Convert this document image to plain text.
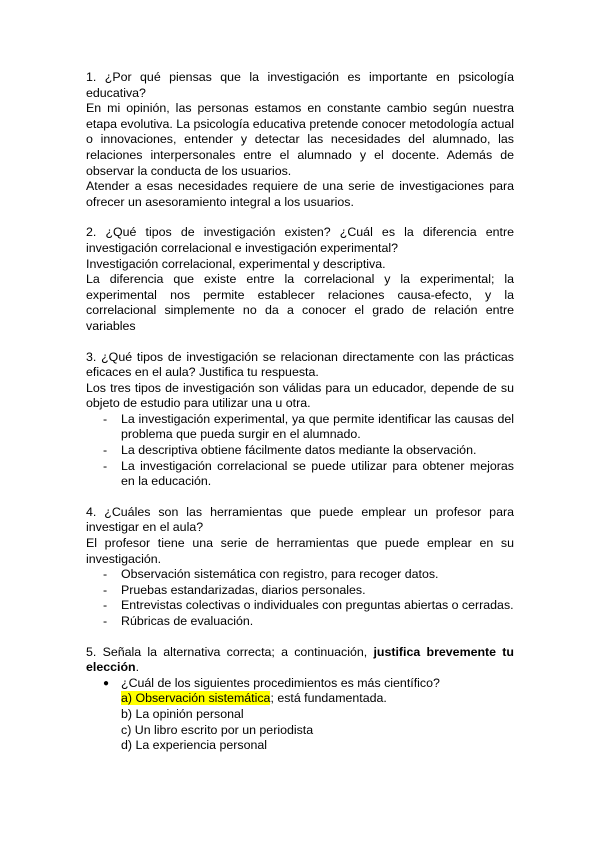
1. ¿Por qué piensas que la investigación es importante en psicología educativa?

En mi opinión, las personas estamos en constante cambio según nuestra etapa evolutiva. La psicología educativa pretende conocer metodología actual o innovaciones, entender y detectar las necesidades del alumnado, las relaciones interpersonales entre el alumnado y el docente. Además de observar la conducta de los usuarios.

Atender a esas necesidades requiere de una serie de investigaciones para ofrecer un asesoramiento integral a los usuarios.

2. ¿Qué tipos de investigación existen? ¿Cuál es la diferencia entre investigación correlacional e investigación experimental?

Investigación correlacional, experimental y descriptiva.

La diferencia que existe entre la correlacional y la experimental; la experimental nos permite establecer relaciones causa-efecto, y la correlacional simplemente no da a conocer el grado de relación entre variables

3. ¿Qué tipos de investigación se relacionan directamente con las prácticas eficaces en el aula? Justifica tu respuesta.

Los tres tipos de investigación son válidas para un educador, depende de su objeto de estudio para utilizar una u otra.

- La investigación experimental, ya que permite identificar las causas del problema que pueda surgir en el alumnado.
- La descriptiva obtiene fácilmente datos mediante la observación.
- La investigación correlacional se puede utilizar para obtener mejoras en la educación.

4. ¿Cuáles son las herramientas que puede emplear un profesor para investigar en el aula?

El profesor tiene una serie de herramientas que puede emplear en su investigación.

- Observación sistemática con registro, para recoger datos.
- Pruebas estandarizadas, diarios personales.
- Entrevistas colectivas o individuales con preguntas abiertas o cerradas.
- Rúbricas de evaluación.

5. Señala la alternativa correcta; a continuación, justifica brevemente tu elección.

● ¿Cuál de los siguientes procedimientos es más científico?
a) Observación sistemática; está fundamentada.
b) La opinión personal
c) Un libro escrito por un periodista
d) La experiencia personal
